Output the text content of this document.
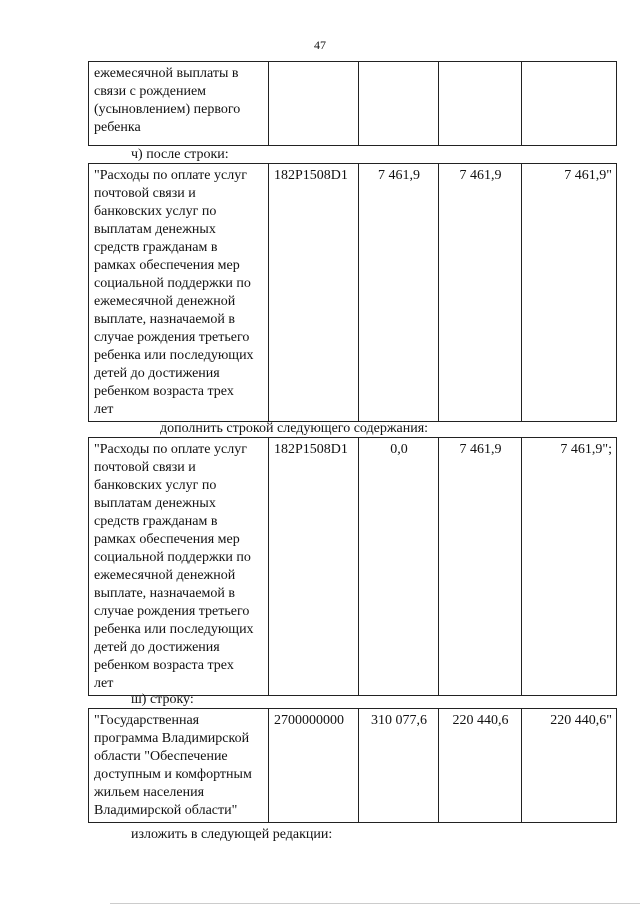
47
ежемесячной выплаты в
связи с рождением
(усыновлением) первого
ребенка

ч) после строки:
"Расходы по оплате услуг
почтовой связи и
банковских услуг по
выплатам денежных
средств гражданам в
рамках обеспечения мер
социальной поддержки по
ежемесячной денежной
выплате, назначаемой в
случае рождения третьего
ребенка или последующих
детей до достижения
ребенком возраста трех
лет
	182P1508D1	7 461,9	7 461,9	7 461,9"
дополнить строкой следующего содержания:
"Расходы по оплате услуг
почтовой связи и
банковских услуг по
выплатам денежных
средств гражданам в
рамках обеспечения мер
социальной поддержки по
ежемесячной денежной
выплате, назначаемой в
случае рождения третьего
ребенка или последующих
детей до достижения
ребенком возраста трех
лет
	182P1508D1	0,0	7 461,9	7 461,9";
ш) строку:
"Государственная
программа Владимирской
области "Обеспечение
доступным и комфортным
жильем населения
Владимирской области"
	2700000000	310 077,6	220 440,6	220 440,6"
изложить в следующей редакции:
